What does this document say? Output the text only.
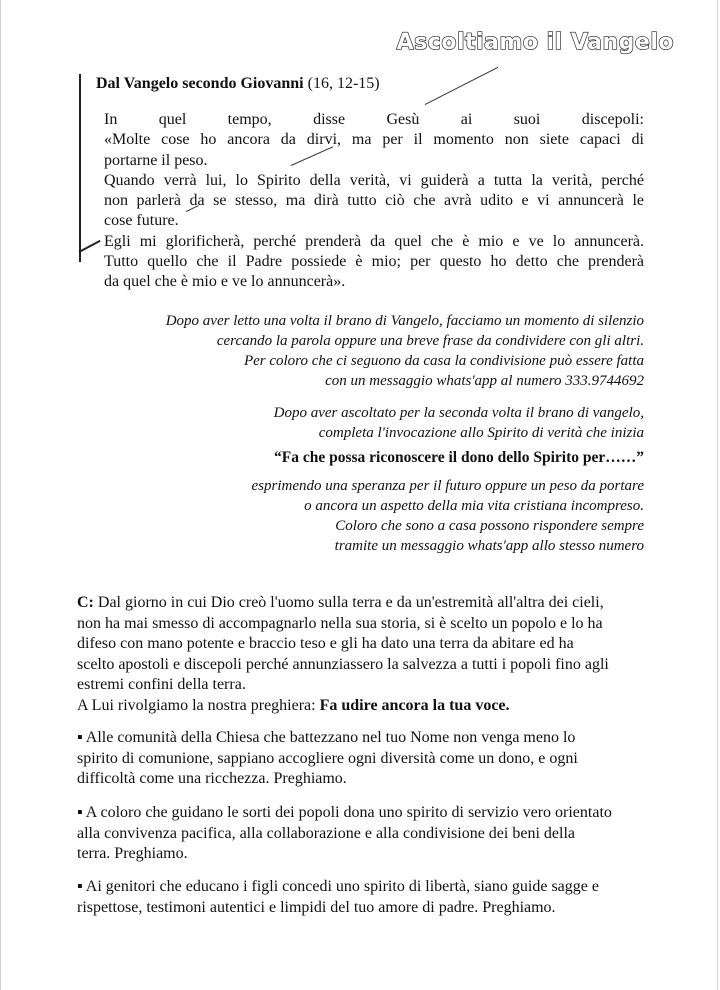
Ascoltiamo il Vangelo
Dal Vangelo secondo Giovanni (16, 12-15)
In quel tempo, disse Gesù ai suoi discepoli:
«Molte cose ho ancora da dirvi, ma per il momento non siete capaci di
portarne il peso.
Quando verrà lui, lo Spirito della verità, vi guiderà a tutta la verità, perché
non parlerà da se stesso, ma dirà tutto ciò che avrà udito e vi annuncerà le
cose future.
Egli mi glorificherà, perché prenderà da quel che è mio e ve lo annuncerà.
Tutto quello che il Padre possiede è mio; per questo ho detto che prenderà
da quel che è mio e ve lo annuncerà».
Dopo aver letto una volta il brano di Vangelo, facciamo un momento di silenzio
cercando la parola oppure una breve frase da condividere con gli altri.
Per coloro che ci seguono da casa la condivisione può essere fatta
con un messaggio whats'app al numero 333.9744692
Dopo aver ascoltato per la seconda volta il brano di vangelo,
completa l'invocazione allo Spirito di verità che inizia
“Fa che possa riconoscere il dono dello Spirito per……”
esprimendo una speranza per il futuro oppure un peso da portare
o ancora un aspetto della mia vita cristiana incompreso.
Coloro che sono a casa possono rispondere sempre
tramite un messaggio whats'app allo stesso numero
C: Dal giorno in cui Dio creò l'uomo sulla terra e da un'estremità all'altra dei cieli,
non ha mai smesso di accompagnarlo nella sua storia, si è scelto un popolo e lo ha
difeso con mano potente e braccio teso e gli ha dato una terra da abitare ed ha
scelto apostoli e discepoli perché annunziassero la salvezza a tutti i popoli fino agli
estremi confini della terra.
A Lui rivolgiamo la nostra preghiera: Fa udire ancora la tua voce.
▪ Alle comunità della Chiesa che battezzano nel tuo Nome non venga meno lo
spirito di comunione, sappiano accogliere ogni diversità come un dono, e ogni
difficoltà come una ricchezza. Preghiamo.
▪ A coloro che guidano le sorti dei popoli dona uno spirito di servizio vero orientato
alla convivenza pacifica, alla collaborazione e alla condivisione dei beni della
terra. Preghiamo.
▪ Ai genitori che educano i figli concedi uno spirito di libertà, siano guide sagge e
rispettose, testimoni autentici e limpidi del tuo amore di padre. Preghiamo.
